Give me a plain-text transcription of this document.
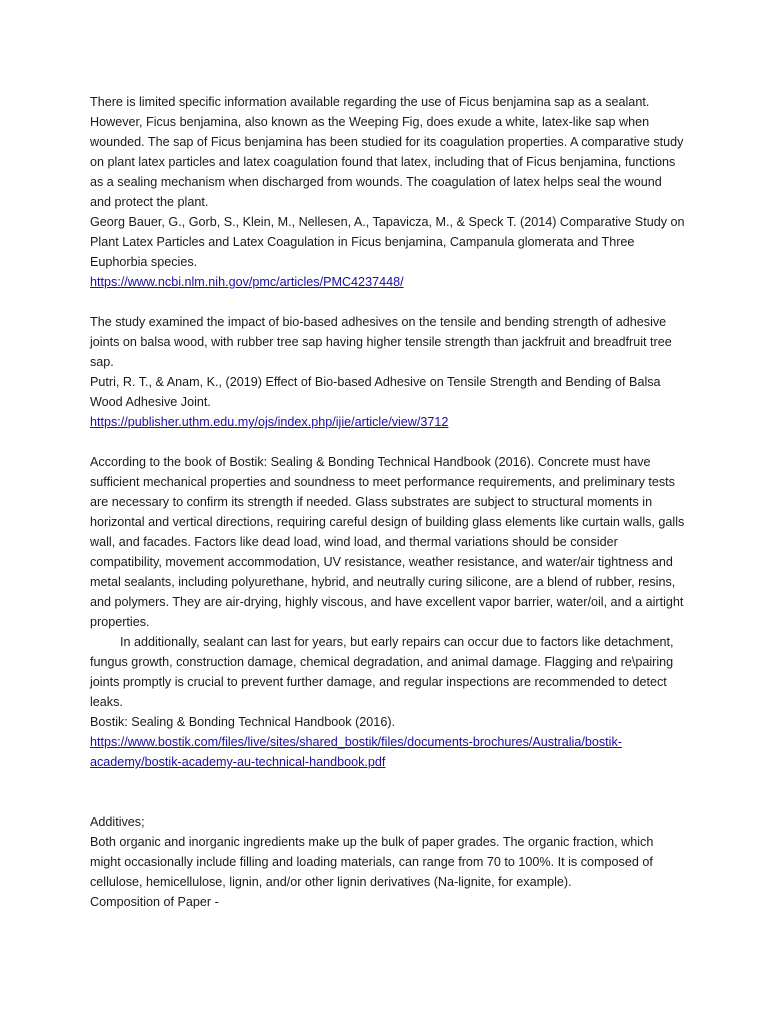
There is limited specific information available regarding the use of Ficus benjamina sap as a sealant. However, Ficus benjamina, also known as the Weeping Fig, does exude a white, latex-like sap when wounded. The sap of Ficus benjamina has been studied for its coagulation properties. A comparative study on plant latex particles and latex coagulation found that latex, including that of Ficus benjamina, functions as a sealing mechanism when discharged from wounds. The coagulation of latex helps seal the wound and protect the plant.

Georg Bauer, G., Gorb, S., Klein, M., Nellesen, A., Tapavicza, M., & Speck T. (2014) Comparative Study on Plant Latex Particles and Latex Coagulation in Ficus benjamina, Campanula glomerata and Three Euphorbia species.

https://www.ncbi.nlm.nih.gov/pmc/articles/PMC4237448/

The study examined the impact of bio-based adhesives on the tensile and bending strength of adhesive joints on balsa wood, with rubber tree sap having higher tensile strength than jackfruit and breadfruit tree sap.

Putri, R. T., & Anam, K., (2019) Effect of Bio-based Adhesive on Tensile Strength and Bending of Balsa Wood Adhesive Joint.

https://publisher.uthm.edu.my/ojs/index.php/ijie/article/view/3712

According to the book of Bostik: Sealing & Bonding Technical Handbook (2016). Concrete must have sufficient mechanical properties and soundness to meet performance requirements, and preliminary tests are necessary to confirm its strength if needed. Glass substrates are subject to structural moments in horizontal and vertical directions, requiring careful design of building glass elements like curtain walls, galls wall, and facades. Factors like dead load, wind load, and thermal variations should be consider compatibility, movement accommodation, UV resistance, weather resistance, and water/air tightness and metal sealants, including polyurethane, hybrid, and neutrally curing silicone, are a blend of rubber, resins, and polymers. They are air-drying, highly viscous, and have excellent vapor barrier, water/oil, and a airtight properties.

In additionally, sealant can last for years, but early repairs can occur due to factors like detachment, fungus growth, construction damage, chemical degradation, and animal damage. Flagging and re\pairing joints promptly is crucial to prevent further damage, and regular inspections are recommended to detect leaks.

Bostik: Sealing & Bonding Technical Handbook (2016).

https://www.bostik.com/files/live/sites/shared_bostik/files/documents-brochures/Australia/bostik-academy/bostik-academy-au-technical-handbook.pdf

Additives;

Both organic and inorganic ingredients make up the bulk of paper grades. The organic fraction, which might occasionally include filling and loading materials, can range from 70 to 100%. It is composed of cellulose, hemicellulose, lignin, and/or other lignin derivatives (Na-lignite, for example).

Composition of Paper -
